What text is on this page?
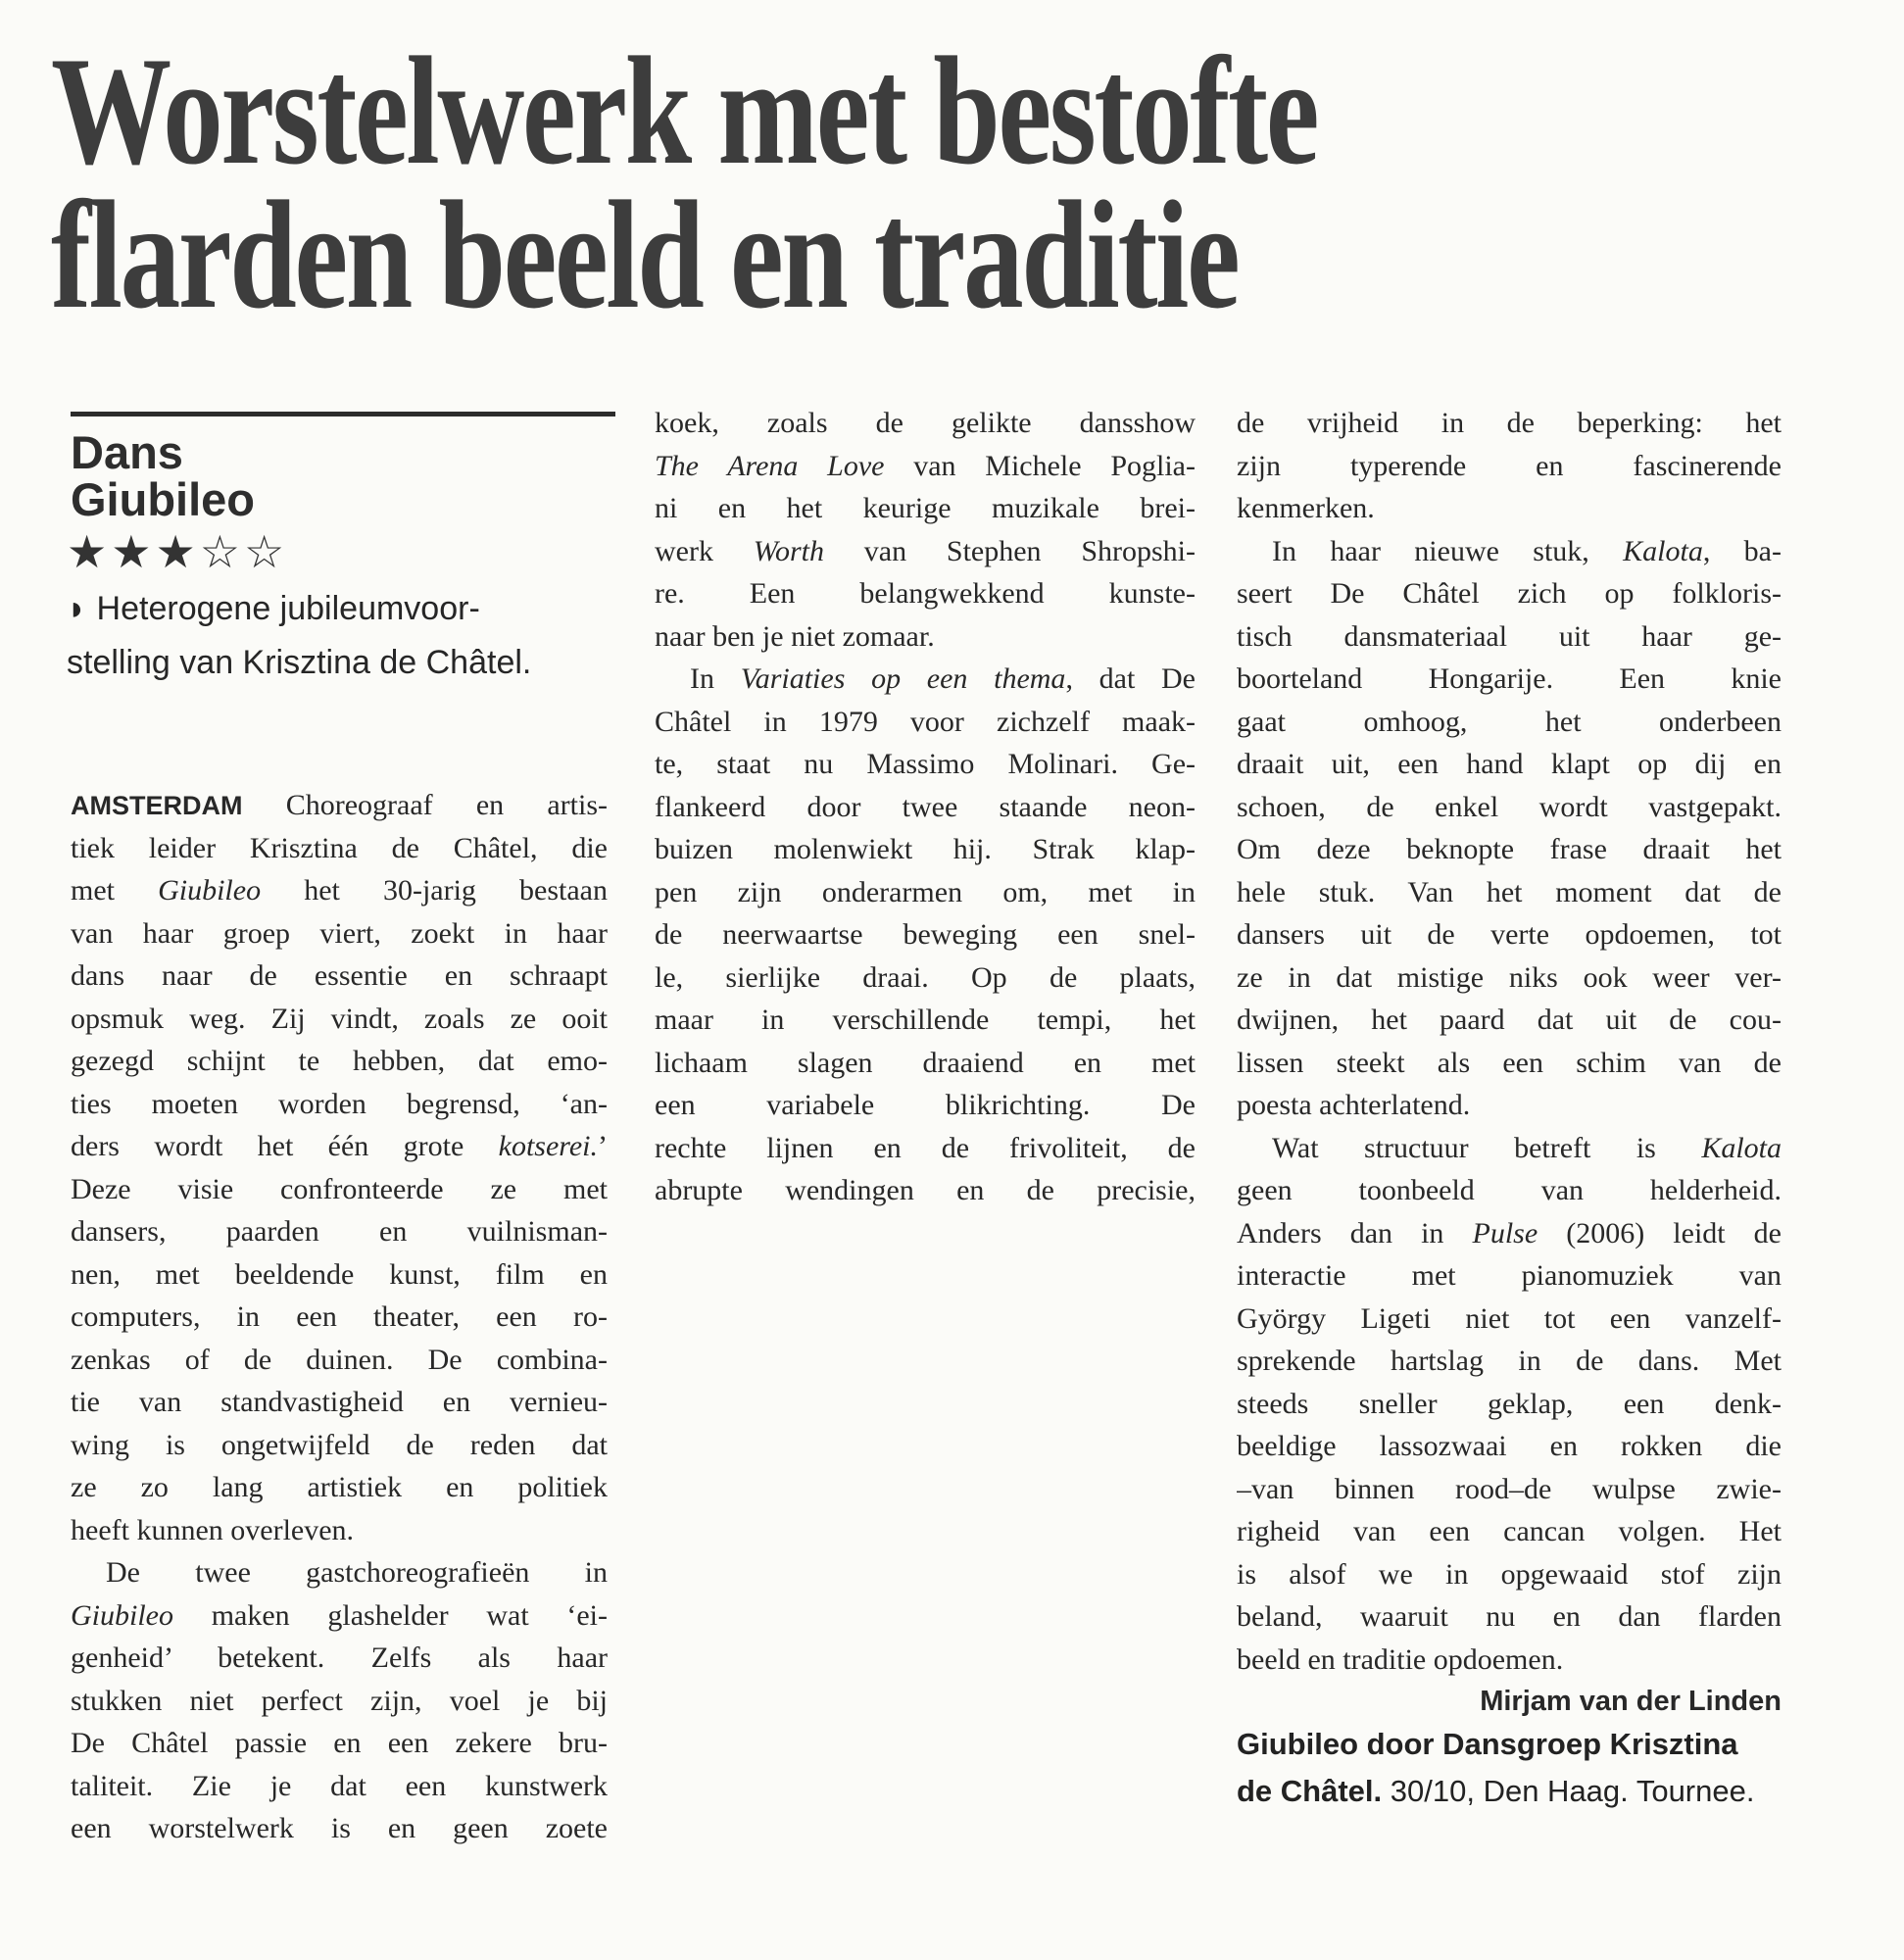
Worstelwerk met bestofte
flarden beeld en traditie
Dans
Giubileo
★★★☆☆
◗ Heterogene jubileumvoor-
stelling van Krisztina de Châtel.
AMSTERDAM Choreograaf en artis-
tiek leider Krisztina de Châtel, die
met Giubileo het 30-jarig bestaan
van haar groep viert, zoekt in haar
dans naar de essentie en schraapt
opsmuk weg. Zij vindt, zoals ze ooit
gezegd schijnt te hebben, dat emo-
ties moeten worden begrensd, ‘an-
ders wordt het één grote kotserei.’
Deze visie confronteerde ze met
dansers, paarden en vuilnisman-
nen, met beeldende kunst, film en
computers, in een theater, een ro-
zenkas of de duinen. De combina-
tie van standvastigheid en vernieu-
wing is ongetwijfeld de reden dat
ze zo lang artistiek en politiek
heeft kunnen overleven.
De twee gastchoreografieën in
Giubileo maken glashelder wat ‘ei-
genheid’ betekent. Zelfs als haar
stukken niet perfect zijn, voel je bij
De Châtel passie en een zekere bru-
taliteit. Zie je dat een kunstwerk
een worstelwerk is en geen zoete
koek, zoals de gelikte dansshow
The Arena Love van Michele Poglia-
ni en het keurige muzikale brei-
werk Worth van Stephen Shropshi-
re. Een belangwekkend kunste-
naar ben je niet zomaar.
In Variaties op een thema, dat De
Châtel in 1979 voor zichzelf maak-
te, staat nu Massimo Molinari. Ge-
flankeerd door twee staande neon-
buizen molenwiekt hij. Strak klap-
pen zijn onderarmen om, met in
de neerwaartse beweging een snel-
le, sierlijke draai. Op de plaats,
maar in verschillende tempi, het
lichaam slagen draaiend en met
een variabele blikrichting. De
rechte lijnen en de frivoliteit, de
abrupte wendingen en de precisie,
de vrijheid in de beperking: het
zijn typerende en fascinerende
kenmerken.
In haar nieuwe stuk, Kalota, ba-
seert De Châtel zich op folkloris-
tisch dansmateriaal uit haar ge-
boorteland Hongarije. Een knie
gaat omhoog, het onderbeen
draait uit, een hand klapt op dij en
schoen, de enkel wordt vastgepakt.
Om deze beknopte frase draait het
hele stuk. Van het moment dat de
dansers uit de verte opdoemen, tot
ze in dat mistige niks ook weer ver-
dwijnen, het paard dat uit de cou-
lissen steekt als een schim van de
poesta achterlatend.
Wat structuur betreft is Kalota
geen toonbeeld van helderheid.
Anders dan in Pulse (2006) leidt de
interactie met pianomuziek van
György Ligeti niet tot een vanzelf-
sprekende hartslag in de dans. Met
steeds sneller geklap, een denk-
beeldige lassozwaai en rokken die
–van binnen rood–de wulpse zwie-
righeid van een cancan volgen. Het
is alsof we in opgewaaid stof zijn
beland, waaruit nu en dan flarden
beeld en traditie opdoemen.
Mirjam van der Linden
Giubileo door Dansgroep Krisztina
de Châtel. 30/10, Den Haag. Tournee.
